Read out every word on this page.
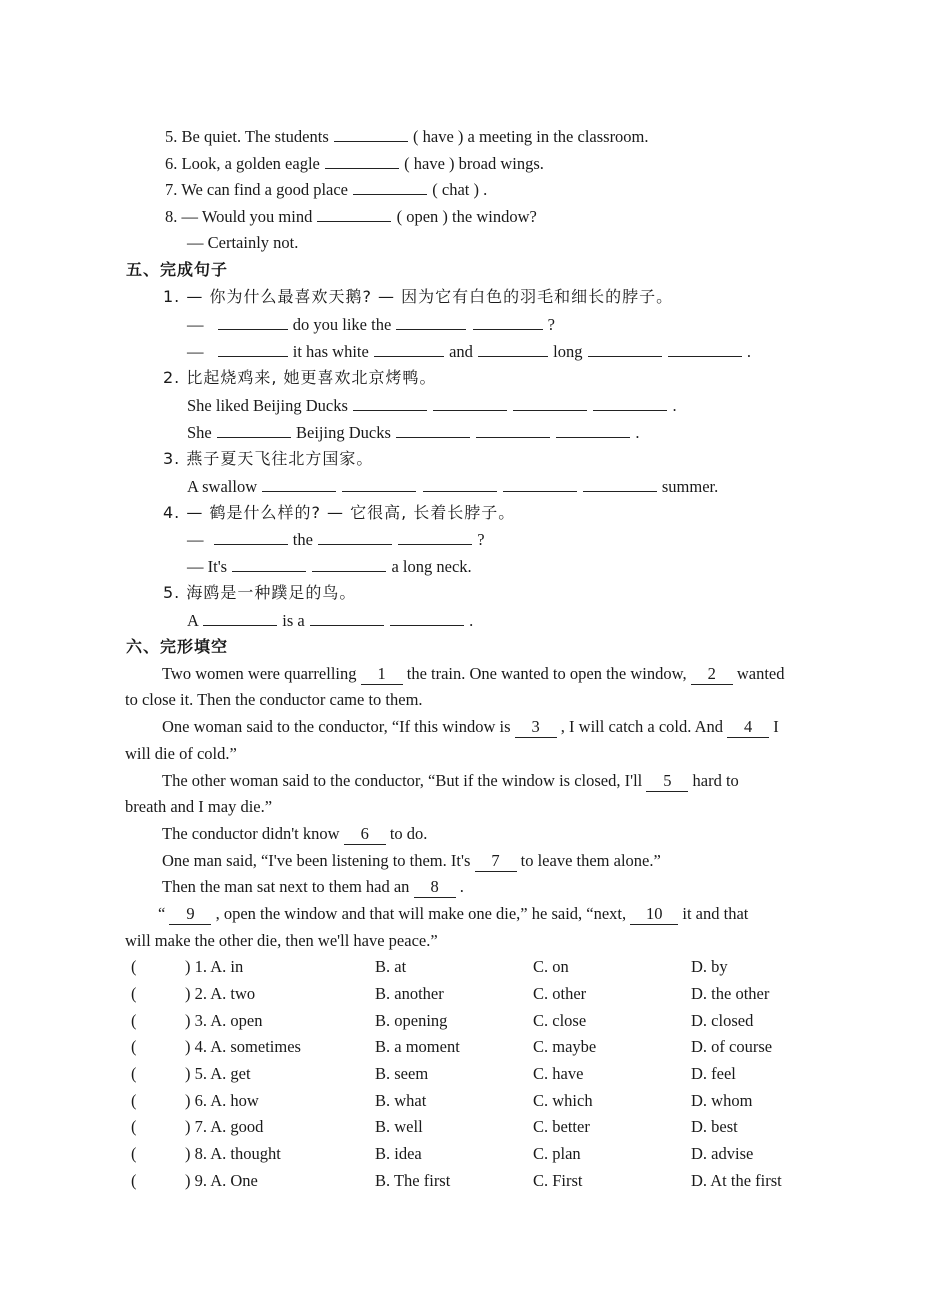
5. Be quiet. The students	( have ) a meeting in the classroom.
6. Look, a golden eagle	( have ) broad wings.
7. We can find a good place	( chat ) .
8. — Would you mind	( open ) the window?
— Certainly not.
五、完成句子
1. — 你为什么最喜欢天鹅? — 因为它有白色的羽毛和细长的脖子。
—	do you like the	?
—	it has white	and	long	.
2. 比起烧鸡来, 她更喜欢北京烤鸭。
She liked Beijing Ducks	.
She	Beijing Ducks	.
3. 燕子夏天飞往北方国家。
A swallow	summer.
4. — 鹤是什么样的? — 它很高, 长着长脖子。
—	the	?
— It's	a long neck.
5. 海鸥是一种蹼足的鸟。
A	is a	.
六、完形填空
Two women were quarrelling 1 the train. One wanted to open the window, 2 wanted
to close it. Then the conductor came to them.
One woman said to the conductor, “If this window is 3 , I will catch a cold. And 4 I
will die of cold.”
The other woman said to the conductor, “But if the window is closed, I'll 5 hard to
breath and I may die.”
The conductor didn't know 6 to do.
One man said, “I've been listening to them. It's 7 to leave them alone.”
Then the man sat next to them had an 8 .
“ 9 , open the window and that will make one die,” he said, “next, 10 it and that
will make the other die, then we'll have peace.”
(	) 1. A. in	B. at	C. on	D. by
(	) 2. A. two	B. another	C. other	D. the other
(	) 3. A. open	B. opening	C. close	D. closed
(	) 4. A. sometimes	B. a moment	C. maybe	D. of course
(	) 5. A. get	B. seem	C. have	D. feel
(	) 6. A. how	B. what	C. which	D. whom
(	) 7. A. good	B. well	C. better	D. best
(	) 8. A. thought	B. idea	C. plan	D. advise
(	) 9. A. One	B. The first	C. First	D. At the first
